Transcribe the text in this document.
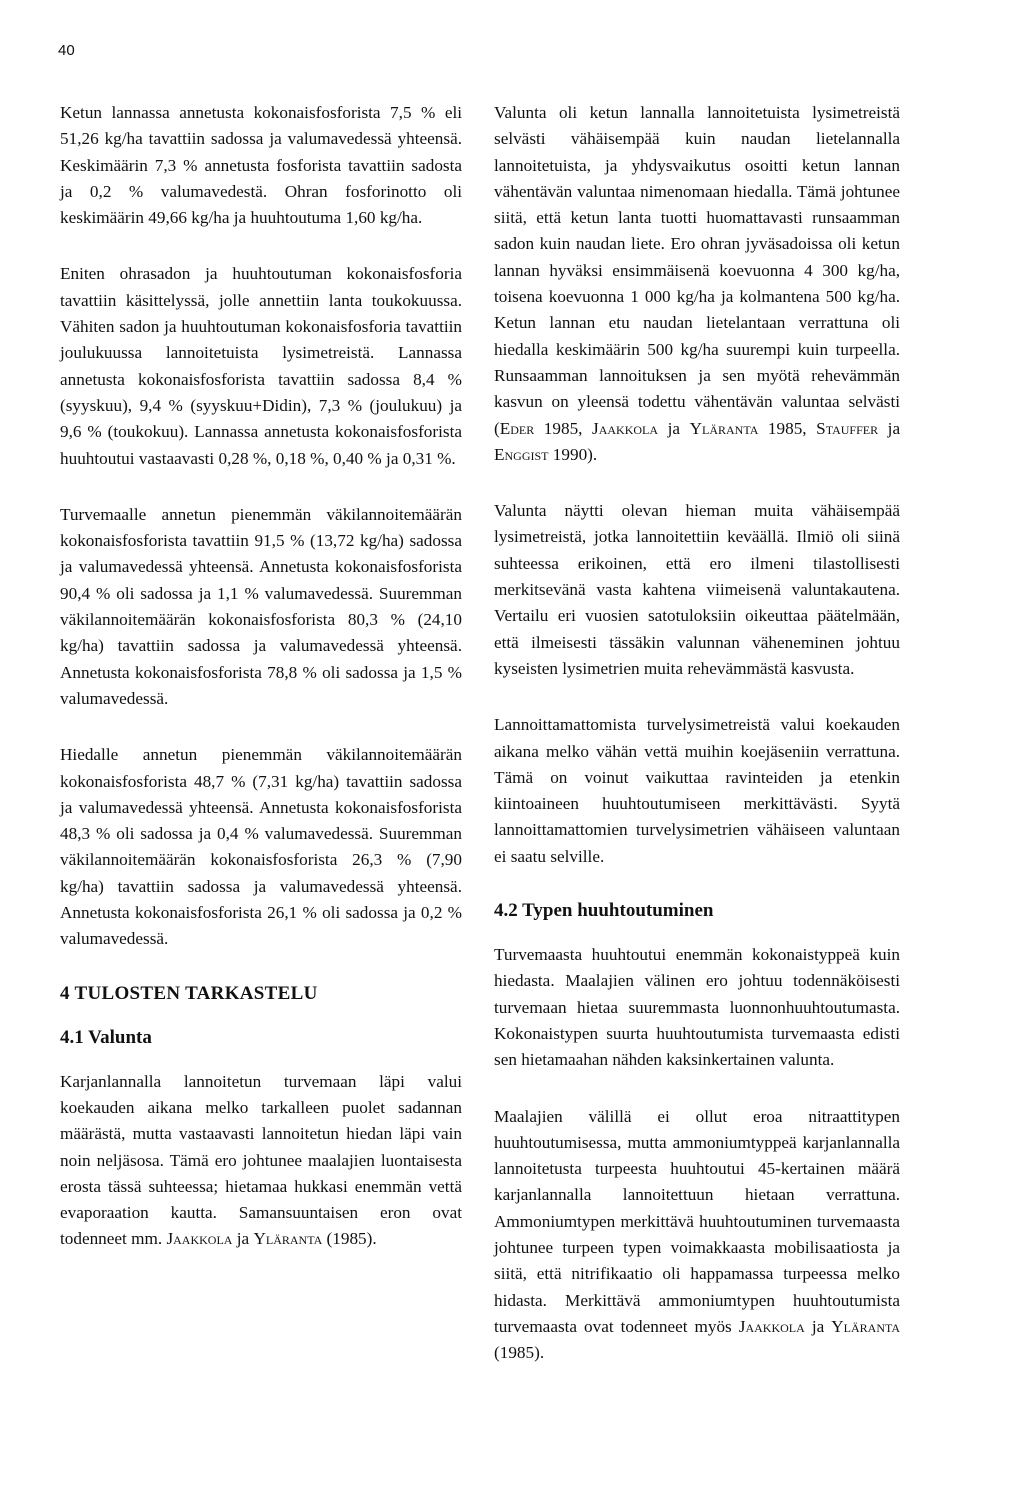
40

Ketun lannassa annetusta kokonaisfosforista 7,5 % eli 51,26 kg/ha tavattiin sadossa ja valumavedessä yhteensä. Keskimäärin 7,3 % annetusta fosforista tavattiin sadosta ja 0,2 % valumavedestä. Ohran fosforinotto oli keskimäärin 49,66 kg/ha ja huuhtoutuma 1,60 kg/ha.

Eniten ohrasadon ja huuhtoutuman kokonaisfosforia tavattiin käsittelyssä, jolle annettiin lanta toukokuussa. Vähiten sadon ja huuhtoutuman kokonaisfosforia tavattiin joulukuussa lannoitetuista lysimetreistä. Lannassa annetusta kokonaisfosforista tavattiin sadossa 8,4 % (syyskuu), 9,4 % (syyskuu+Didin), 7,3 % (joulukuu) ja 9,6 % (toukokuu). Lannassa annetusta kokonaisfosforista huuhtoutui vastaavasti 0,28 %, 0,18 %, 0,40 % ja 0,31 %.

Turvemaalle annetun pienemmän väkilannoitemäärän kokonaisfosforista tavattiin 91,5 % (13,72 kg/ha) sadossa ja valumavedessä yhteensä. Annetusta kokonaisfosforista 90,4 % oli sadossa ja 1,1 % valumavedessä. Suuremman väkilannoitemäärän kokonaisfosforista 80,3 % (24,10 kg/ha) tavattiin sadossa ja valumavedessä yhteensä. Annetusta kokonaisfosforista 78,8 % oli sadossa ja 1,5 % valumavedessä.

Hiedalle annetun pienemmän väkilannoitemäärän kokonaisfosforista 48,7 % (7,31 kg/ha) tavattiin sadossa ja valumavedessä yhteensä. Annetusta kokonaisfosforista 48,3 % oli sadossa ja 0,4 % valumavedessä. Suuremman väkilannoitemäärän kokonaisfosforista 26,3 % (7,90 kg/ha) tavattiin sadossa ja valumavedessä yhteensä. Annetusta kokonaisfosforista 26,1 % oli sadossa ja 0,2 % valumavedessä.

4 TULOSTEN TARKASTELU
4.1 Valunta

Karjanlannalla lannoitetun turvemaan läpi valui koekauden aikana melko tarkalleen puolet sadannan määrästä, mutta vastaavasti lannoitetun hiedan läpi vain noin neljäsosa. Tämä ero johtunee maalajien luontaisesta erosta tässä suhteessa; hietamaa hukkasi enemmän vettä evaporaation kautta. Samansuuntaisen eron ovat todenneet mm. Jaakkola ja Yläranta (1985).

Valunta oli ketun lannalla lannoitetuista lysimetreistä selvästi vähäisempää kuin naudan lietelannalla lannoitetuista, ja yhdysvaikutus osoitti ketun lannan vähentävän valuntaa nimenomaan hiedalla. Tämä johtunee siitä, että ketun lanta tuotti huomattavasti runsaamman sadon kuin naudan liete. Ero ohran jyväsadoissa oli ketun lannan hyväksi ensimmäisenä koevuonna 4 300 kg/ha, toisena koevuonna 1 000 kg/ha ja kolmantena 500 kg/ha. Ketun lannan etu naudan lietelantaan verrattuna oli hiedalla keskimäärin 500 kg/ha suurempi kuin turpeella. Runsaamman lannoituksen ja sen myötä rehevämmän kasvun on yleensä todettu vähentävän valuntaa selvästi (Eder 1985, Jaakkola ja Yläranta 1985, Stauffer ja Enggist 1990).

Valunta näytti olevan hieman muita vähäisempää lysimetreistä, jotka lannoitettiin keväällä. Ilmiö oli siinä suhteessa erikoinen, että ero ilmeni tilastollisesti merkitsevänä vasta kahtena viimeisenä valuntakautena. Vertailu eri vuosien satotuloksiin oikeuttaa päätelmään, että ilmeisesti tässäkin valunnan väheneminen johtuu kyseisten lysimetrien muita rehevämmästä kasvusta.

Lannoittamattomista turvelysimetreistä valui koekauden aikana melko vähän vettä muihin koejäseniin verrattuna. Tämä on voinut vaikuttaa ravinteiden ja etenkin kiintoaineen huuhtoutumiseen merkittävästi. Syytä lannoittamattomien turvelysimetrien vähäiseen valuntaan ei saatu selville.

4.2 Typen huuhtoutuminen

Turvemaasta huuhtoutui enemmän kokonaistyppeä kuin hiedasta. Maalajien välinen ero johtuu todennäköisesti turvemaan hietaa suuremmasta luonnonhuuhtoutumasta. Kokonaistypen suurta huuhtoutumista turvemaasta edisti sen hietamaahan nähden kaksinkertainen valunta.

Maalajien välillä ei ollut eroa nitraattitypen huuhtoutumisessa, mutta ammoniumtyppeä karjanlannalla lannoitetusta turpeesta huuhtoutui 45-kertainen määrä karjanlannalla lannoitettuun hietaan verrattuna. Ammoniumtypen merkittävä huuhtoutuminen turvemaasta johtunee turpeen typen voimakkaasta mobilisaatiosta ja siitä, että nitrifikaatio oli happamassa turpeessa melko hidasta. Merkittävä ammoniumtypen huuhtoutumista turvemaasta ovat todenneet myös Jaakkola ja Yläranta (1985).
